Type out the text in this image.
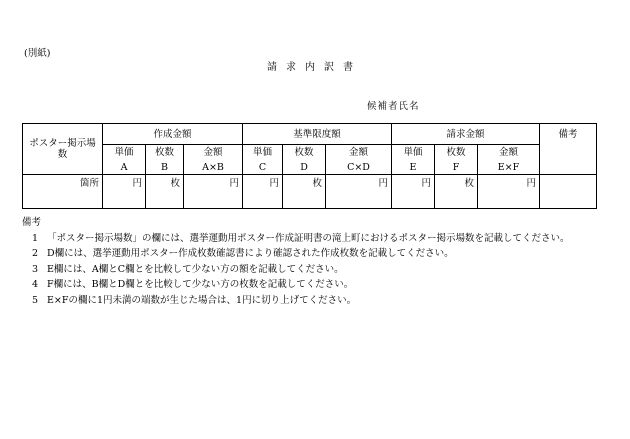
(別紙)
請求内訳書
候補者氏名
ポスター掲示場数	作成金額			基準限度額			請求金額			備考
	単価	枚数	金額	単価	枚数	金額	単価	枚数	金額	
	A	B	A×B	C	D	C×D	E	F	E×F	
箇所	円	枚	円	円	枚	円	円	枚	円	
備考
1 「ポスター掲示場数」の欄には、選挙運動用ポスター作成証明書の滝上町におけるポスター掲示場数を記載してください。
2 D欄には、選挙運動用ポスター作成枚数確認書により確認された作成枚数を記載してください。
3 E欄には、A欄とC欄とを比較して少ない方の額を記載してください。
4 F欄には、B欄とD欄とを比較して少ない方の枚数を記載してください。
5 E×Fの欄に1円未満の端数が生じた場合は、1円に切り上げてください。
